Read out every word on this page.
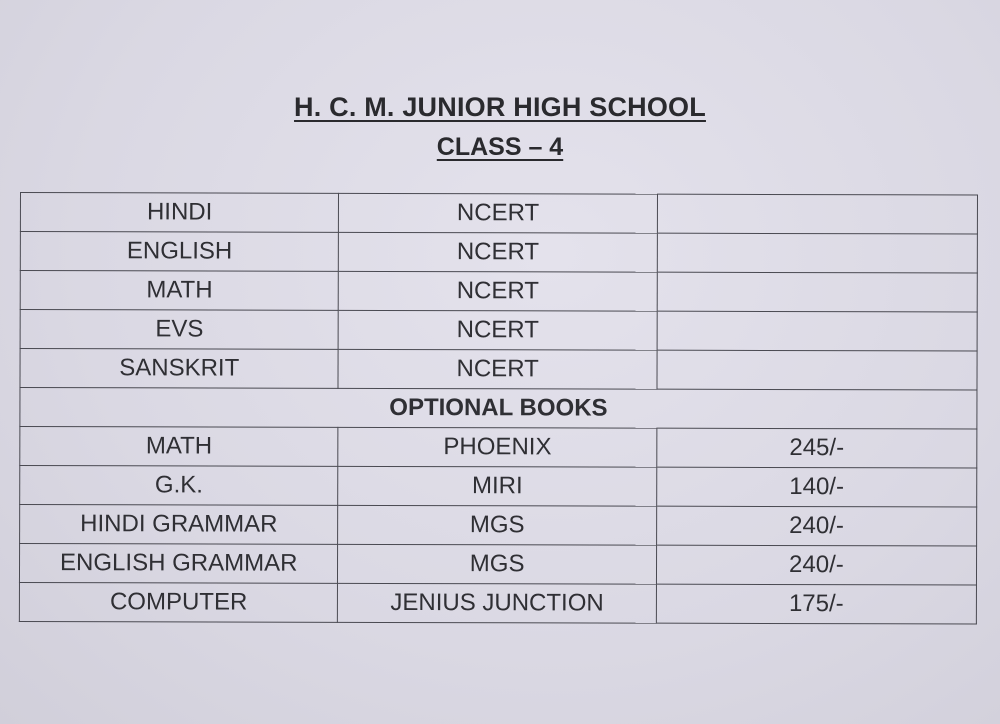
H. C. M. JUNIOR HIGH SCHOOL
CLASS – 4
HINDI	NCERT	
ENGLISH	NCERT	
MATH	NCERT	
EVS	NCERT	
SANSKRIT	NCERT	
OPTIONAL BOOKS		
MATH	PHOENIX	245/-
G.K.	MIRI	140/-
HINDI GRAMMAR	MGS	240/-
ENGLISH GRAMMAR	MGS	240/-
COMPUTER	JENIUS JUNCTION	175/-
